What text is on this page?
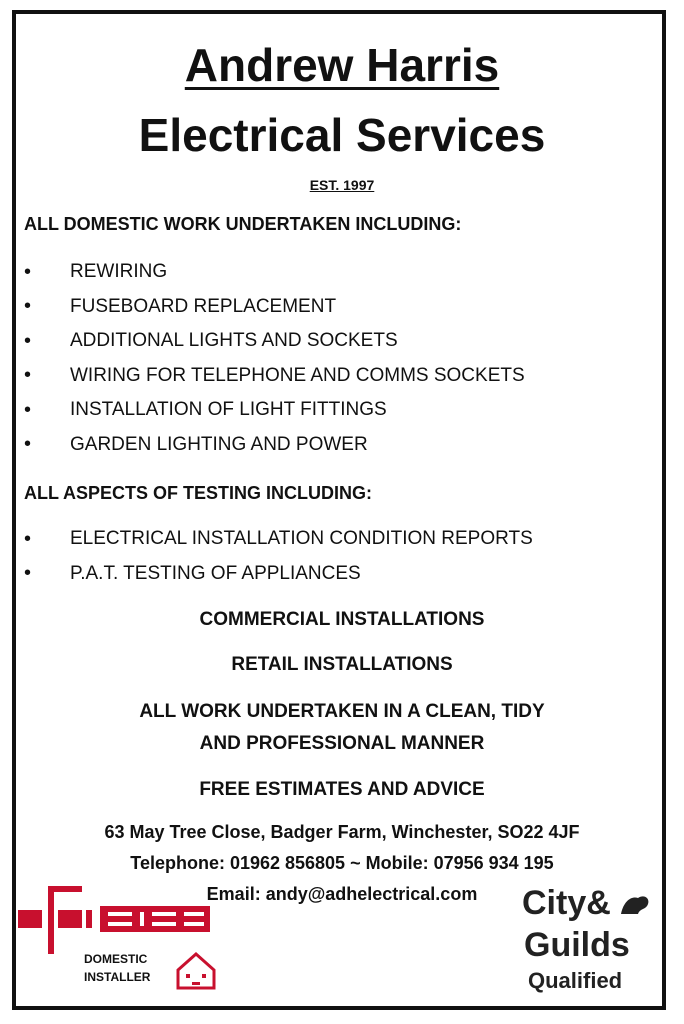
Andrew Harris
Electrical Services
EST. 1997
ALL DOMESTIC WORK UNDERTAKEN INCLUDING:
•	REWIRING
•	FUSEBOARD REPLACEMENT
•	ADDITIONAL LIGHTS AND SOCKETS
•	WIRING FOR TELEPHONE AND COMMS SOCKETS
•	INSTALLATION OF LIGHT FITTINGS
•	GARDEN LIGHTING AND POWER
ALL ASPECTS OF TESTING INCLUDING:
•	ELECTRICAL INSTALLATION CONDITION REPORTS
•	P.A.T. TESTING OF APPLIANCES
COMMERCIAL INSTALLATIONS
RETAIL INSTALLATIONS
ALL WORK UNDERTAKEN IN A CLEAN, TIDY
AND PROFESSIONAL MANNER
FREE ESTIMATES AND ADVICE
63 May Tree Close, Badger Farm, Winchester, SO22 4JF
Telephone: 01962 856805 ~ Mobile: 07956 934 195
Email: andy@adhelectrical.com
DOMESTIC
INSTALLER
City&
Guilds
Qualified
